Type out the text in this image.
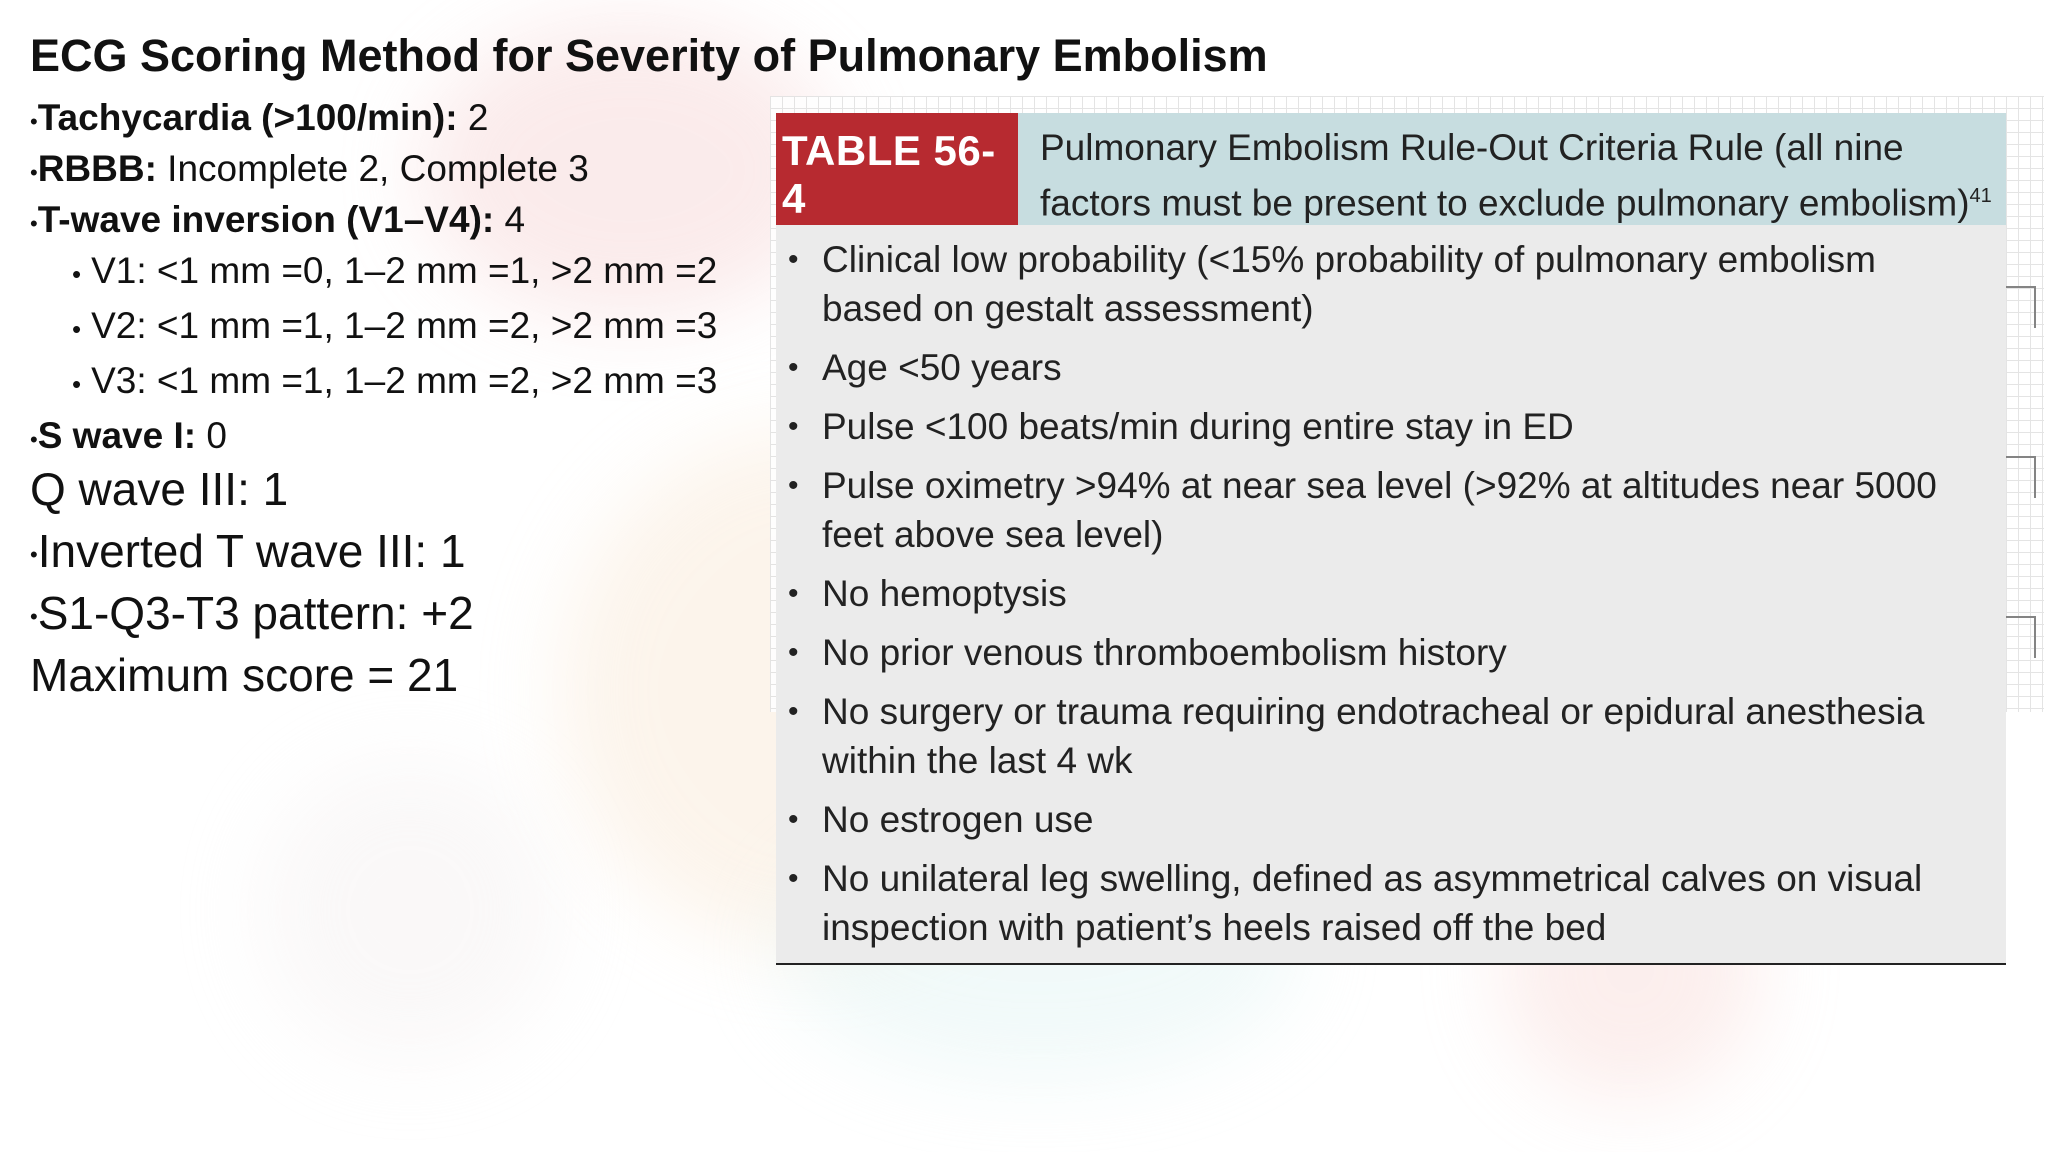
ECG Scoring Method for Severity of Pulmonary Embolism
•Tachycardia (>100/min): 2
•RBBB: Incomplete 2, Complete 3
•T-wave inversion (V1–V4): 4
• V1: <1 mm =0, 1–2 mm =1, >2 mm =2
• V2: <1 mm =1, 1–2 mm =2, >2 mm =3
• V3: <1 mm =1, 1–2 mm =2, >2 mm =3
•S wave I: 0
Q wave III: 1
•Inverted T wave III: 1
•S1-Q3-T3 pattern: +2
Maximum score = 21
TABLE 56-4
Pulmonary Embolism Rule-Out Criteria Rule (all nine factors must be present to exclude pulmonary embolism)$^{41}$
• Clinical low probability (<15% probability of pulmonary embolism based on gestalt assessment)
• Age <50 years
• Pulse <100 beats/min during entire stay in ED
• Pulse oximetry >94% at near sea level (>92% at altitudes near 5000 feet above sea level)
• No hemoptysis
• No prior venous thromboembolism history
• No surgery or trauma requiring endotracheal or epidural anesthesia within the last 4 wk
• No estrogen use
• No unilateral leg swelling, defined as asymmetrical calves on visual inspection with patient’s heels raised off the bed
